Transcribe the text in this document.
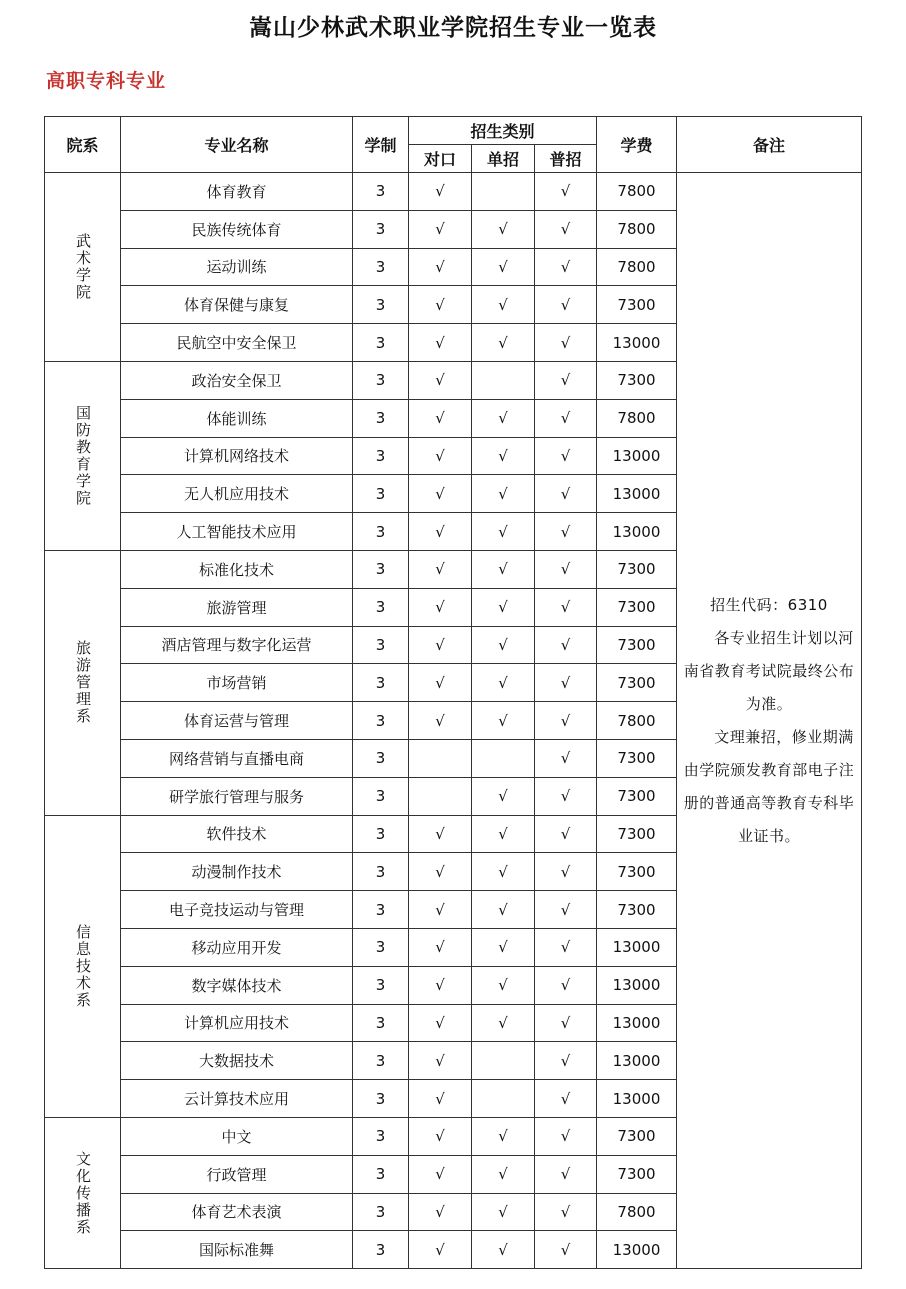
嵩山少林武术职业学院招生专业一览表
高职专科专业
院系	专业名称	学制	招生类别			学费	备注
			对口	单招	普招		
武术学院	体育教育	3	√		√	7800	招生代码：6310
各专业招生计划以河南省教育考试院最终公布为准。
文理兼招，修业期满由学院颁发教育部电子注册的普通高等教育专科毕业证书。

	民族传统体育	3	√	√	√	7800	
	运动训练	3	√	√	√	7800	
	体育保健与康复	3	√	√	√	7300	
	民航空中安全保卫	3	√	√	√	13000	
国防教育学院	政治安全保卫	3	√		√	7300	
	体能训练	3	√	√	√	7800	
	计算机网络技术	3	√	√	√	13000	
	无人机应用技术	3	√	√	√	13000	
	人工智能技术应用	3	√	√	√	13000	
旅游管理系	标准化技术	3	√	√	√	7300	
	旅游管理	3	√	√	√	7300	
	酒店管理与数字化运营	3	√	√	√	7300	
	市场营销	3	√	√	√	7300	
	体育运营与管理	3	√	√	√	7800	
	网络营销与直播电商	3			√	7300	
	研学旅行管理与服务	3		√	√	7300	
信息技术系	软件技术	3	√	√	√	7300	
	动漫制作技术	3	√	√	√	7300	
	电子竞技运动与管理	3	√	√	√	7300	
	移动应用开发	3	√	√	√	13000	
	数字媒体技术	3	√	√	√	13000	
	计算机应用技术	3	√	√	√	13000	
	大数据技术	3	√		√	13000	
	云计算技术应用	3	√		√	13000	
文化传播系	中文	3	√	√	√	7300	
	行政管理	3	√	√	√	7300	
	体育艺术表演	3	√	√	√	7800	
	国际标准舞	3	√	√	√	13000	
